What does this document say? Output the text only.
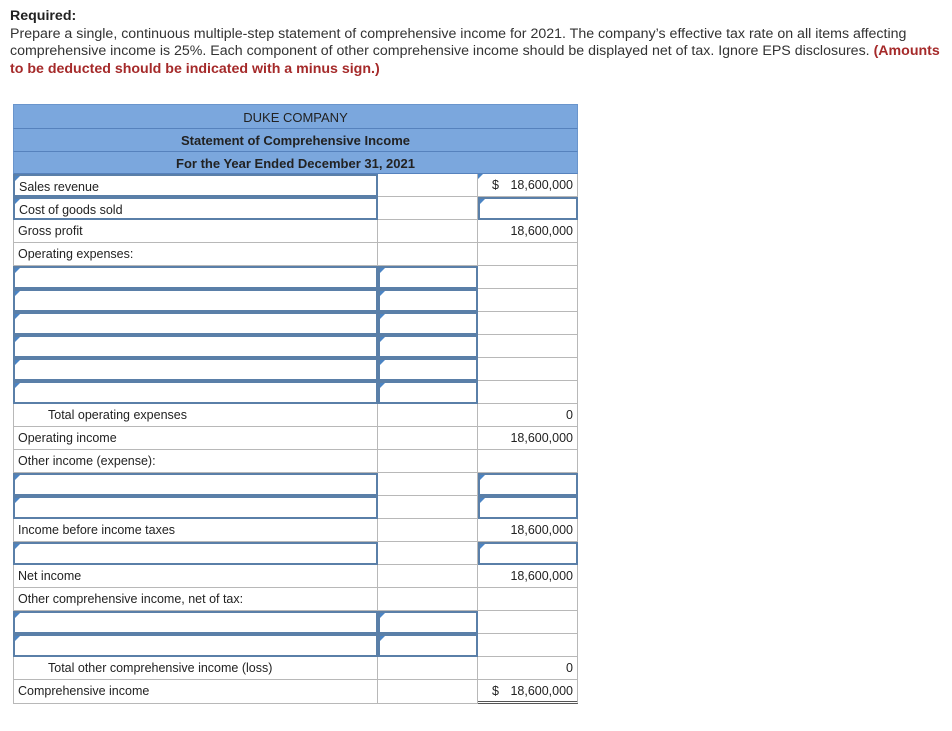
Required:
Prepare a single, continuous multiple-step statement of comprehensive income for 2021. The company’s effective tax rate on all items affecting comprehensive income is 25%. Each component of other comprehensive income should be displayed net of tax. Ignore EPS disclosures. (Amounts to be deducted should be indicated with a minus sign.)
DUKE COMPANY
Statement of Comprehensive Income
For the Year Ended December 31, 2021
Sales revenue	$ 18,600,000
Cost of goods sold
Gross profit	18,600,000
Operating expenses:
Total operating expenses	0
Operating income	18,600,000
Other income (expense):
Income before income taxes	18,600,000
Net income	18,600,000
Other comprehensive income, net of tax:
Total other comprehensive income (loss)	0
Comprehensive income	$ 18,600,000
